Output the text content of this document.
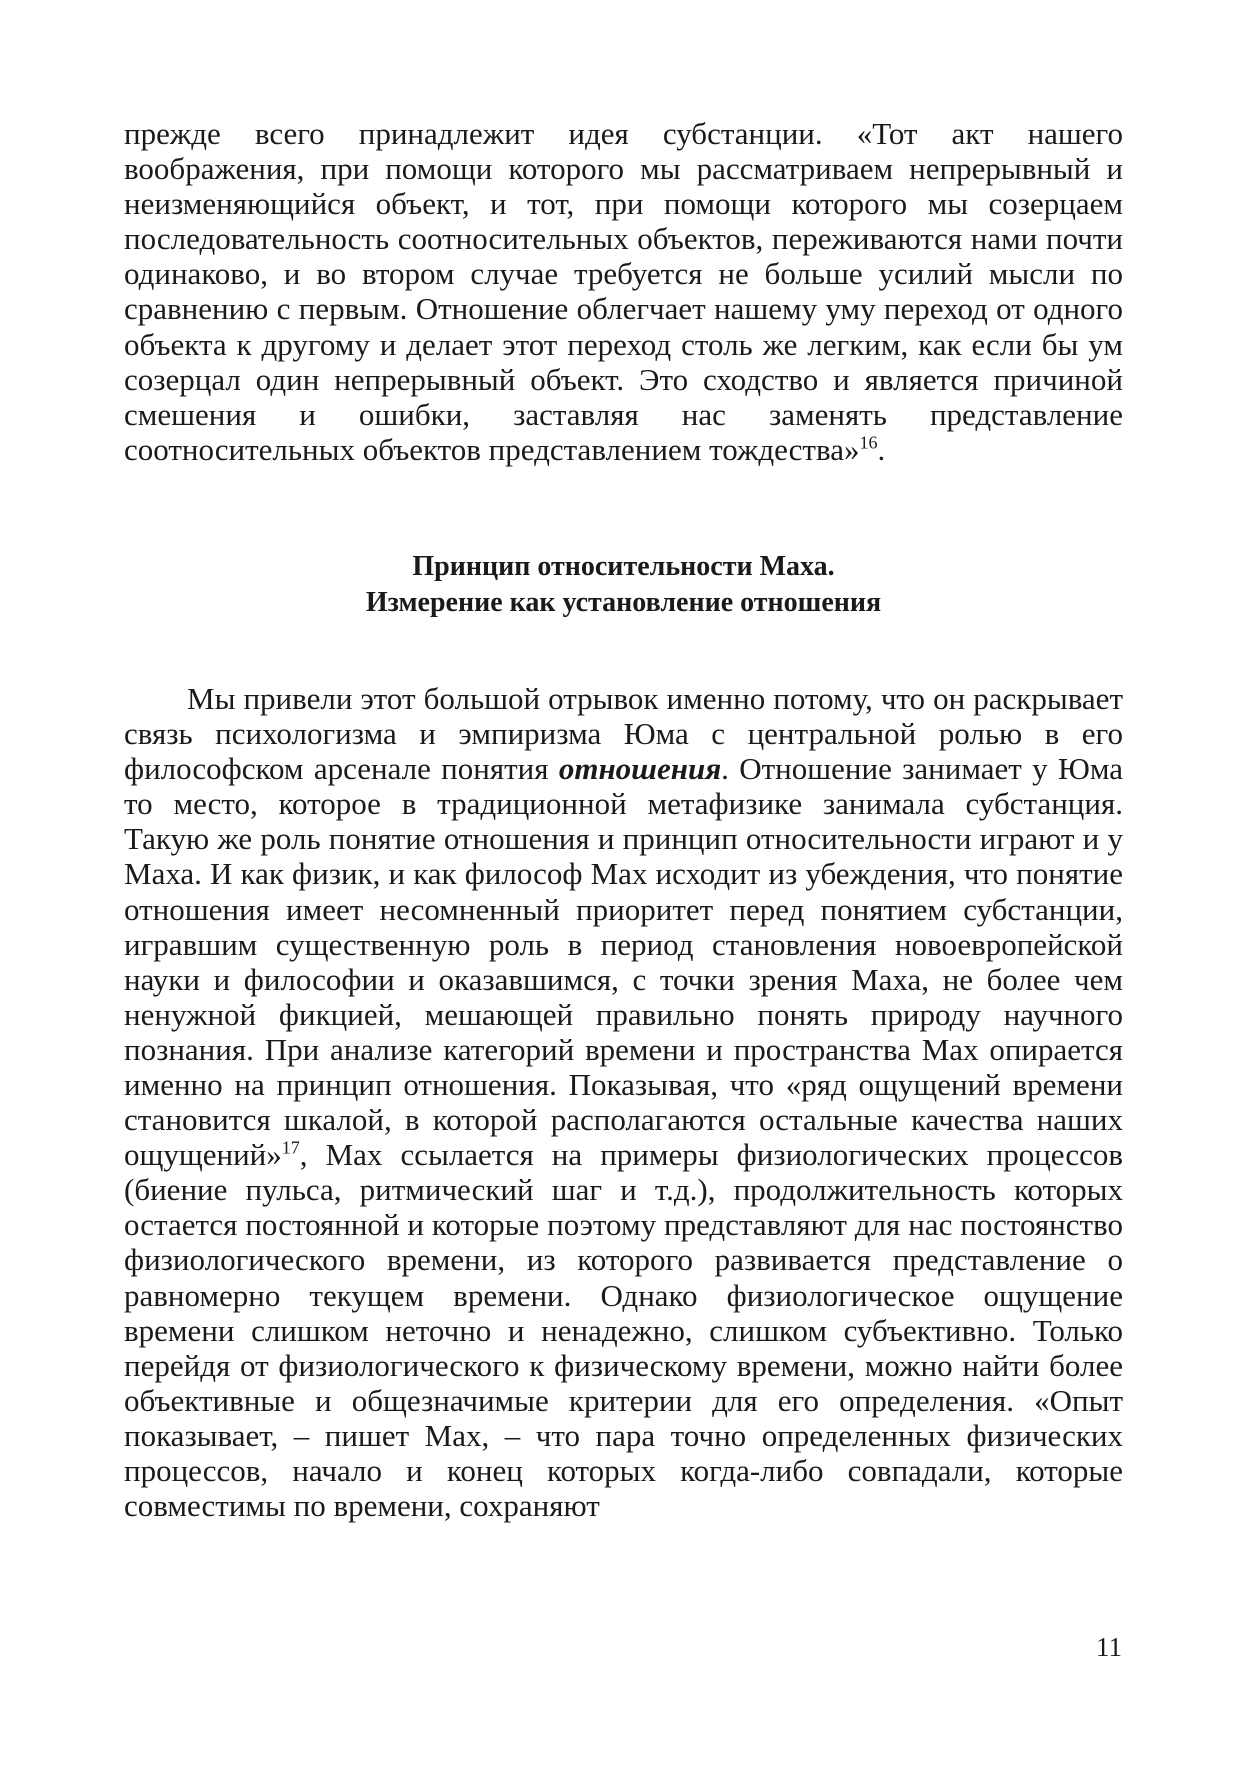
прежде всего принадлежит идея субстанции. «Тот акт нашего воображения, при помощи которого мы рассматриваем непрерывный и неизменяющийся объект, и тот, при помощи которого мы созерцаем последовательность соотносительных объектов, переживаются нами почти одинаково, и во втором случае требуется не больше усилий мысли по сравнению с первым. Отношение облегчает нашему уму переход от одного объекта к другому и делает этот переход столь же легким, как если бы ум созерцал один непрерывный объект. Это сходство и является причиной смешения и ошибки, заставляя нас заменять представление соотносительных объектов представлением тождества»$^{16}$.

Принцип относительности Маха.
Измерение как установление отношения

Мы привели этот большой отрывок именно потому, что он раскрывает связь психологизма и эмпиризма Юма с центральной ролью в его философском арсенале понятия отношения. Отношение занимает у Юма то место, которое в традиционной метафизике занимала субстанция. Такую же роль понятие отношения и принцип относительности играют и у Маха. И как физик, и как философ Мах исходит из убеждения, что понятие отношения имеет несомненный приоритет перед понятием субстанции, игравшим существенную роль в период становления новоевропейской науки и философии и оказавшимся, с точки зрения Маха, не более чем ненужной фикцией, мешающей правильно понять природу научного познания. При анализе категорий времени и пространства Мах опирается именно на принцип отношения. Показывая, что «ряд ощущений времени становится шкалой, в которой располагаются остальные качества наших ощущений»$^{17}$, Мах ссылается на примеры физиологических процессов (биение пульса, ритмический шаг и т.д.), продолжительность которых остается постоянной и которые поэтому представляют для нас постоянство физиологического времени, из которого развивается представление о равномерно текущем времени. Однако физиологическое ощущение времени слишком неточно и ненадежно, слишком субъективно. Только перейдя от физиологического к физическому времени, можно найти более объективные и общезначимые критерии для его определения. «Опыт показывает, – пишет Мах, – что пара точно определенных физических процессов, начало и конец которых когда-либо совпадали, которые совместимы по времени, сохраняют

11
